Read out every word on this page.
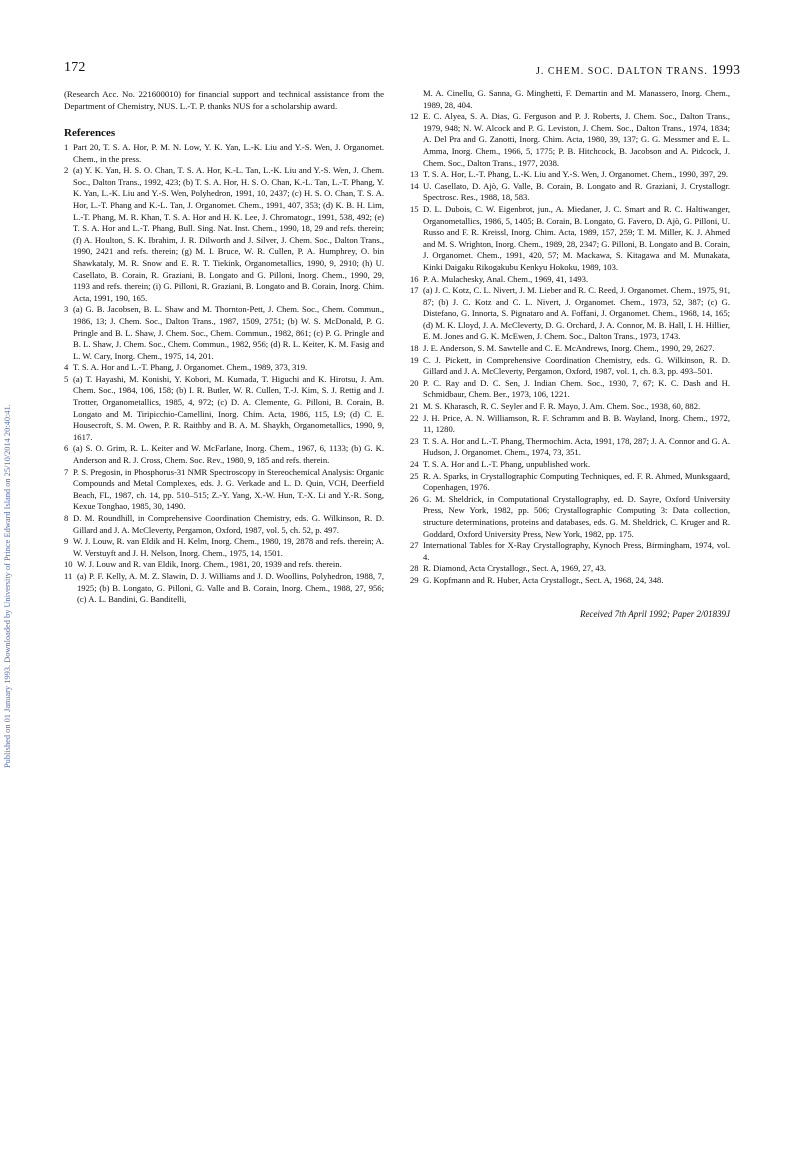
Published on 01 January 1993. Downloaded by University of Prince Edward Island on 25/10/2014 20:40:41.
172	J. CHEM. SOC. DALTON TRANS. 1993

(Research Acc. No. 221600010) for financial support and technical assistance from the Department of Chemistry, NUS. L.-T. P. thanks NUS for a scholarship award.

References
1 Part 20, T. S. A. Hor, P. M. N. Low, Y. K. Yan, L.-K. Liu and Y.-S. Wen, J. Organomet. Chem., in the press.
2 (a) Y. K. Yan, H. S. O. Chan, T. S. A. Hor, K.-L. Tan, L.-K. Liu and Y.-S. Wen, J. Chem. Soc., Dalton Trans., 1992, 423; (b) T. S. A. Hor, H. S. O. Chan, K.-L. Tan, L.-T. Phang, Y. K. Yan, L.-K. Liu and Y.-S. Wen, Polyhedron, 1991, 10, 2437; (c) H. S. O. Chan, T. S. A. Hor, L.-T. Phang and K.-L. Tan, J. Organomet. Chem., 1991, 407, 353; (d) K. B. H. Lim, L.-T. Phang, M. R. Khan, T. S. A. Hor and H. K. Lee, J. Chromatogr., 1991, 538, 492; (e) T. S. A. Hor and L.-T. Phang, Bull. Sing. Nat. Inst. Chem., 1990, 18, 29 and refs. therein; (f) A. Houlton, S. K. Ibrahim, J. R. Dilworth and J. Silver, J. Chem. Soc., Dalton Trans., 1990, 2421 and refs. therein; (g) M. I. Bruce, W. R. Cullen, P. A. Humphrey, O. bin Shawkataly, M. R. Snow and E. R. T. Tiekink, Organometallics, 1990, 9, 2910; (h) U. Casellato, B. Corain, R. Graziani, B. Longato and G. Pilloni, Inorg. Chem., 1990, 29, 1193 and refs. therein; (i) G. Pilloni, R. Graziani, B. Longato and B. Corain, Inorg. Chim. Acta, 1991, 190, 165.
3 (a) G. B. Jacobsen, B. L. Shaw and M. Thornton-Pett, J. Chem. Soc., Chem. Commun., 1986, 13; J. Chem. Soc., Dalton Trans., 1987, 1509, 2751; (b) W. S. McDonald, P. G. Pringle and B. L. Shaw, J. Chem. Soc., Chem. Commun., 1982, 861; (c) P. G. Pringle and B. L. Shaw, J. Chem. Soc., Chem. Commun., 1982, 956; (d) R. L. Keiter, K. M. Fasig and L. W. Cary, Inorg. Chem., 1975, 14, 201.
4 T. S. A. Hor and L.-T. Phang, J. Organomet. Chem., 1989, 373, 319.
5 (a) T. Hayashi, M. Konishi, Y. Kobori, M. Kumada, T. Higuchi and K. Hirotsu, J. Am. Chem. Soc., 1984, 106, 158; (b) I. R. Butler, W. R. Cullen, T.-J. Kim, S. J. Rettig and J. Trotter, Organometallics, 1985, 4, 972; (c) D. A. Clemente, G. Pilloni, B. Corain, B. Longato and M. Tiripicchio-Camellini, Inorg. Chim. Acta, 1986, 115, L9; (d) C. E. Housecroft, S. M. Owen, P. R. Raithby and B. A. M. Shaykh, Organometallics, 1990, 9, 1617.
6 (a) S. O. Grim, R. L. Keiter and W. McFarlane, Inorg. Chem., 1967, 6, 1133; (b) G. K. Anderson and R. J. Cross, Chem. Soc. Rev., 1980, 9, 185 and refs. therein.
7 P. S. Pregosin, in Phosphorus-31 NMR Spectroscopy in Stereochemical Analysis: Organic Compounds and Metal Complexes, eds. J. G. Verkade and L. D. Quin, VCH, Deerfield Beach, FL, 1987, ch. 14, pp. 510–515; Z.-Y. Yang, X.-W. Hun, T.-X. Li and Y.-R. Song, Kexue Tonghao, 1985, 30, 1490.
8 D. M. Roundhill, in Comprehensive Coordination Chemistry, eds. G. Wilkinson, R. D. Gillard and J. A. McCleverty, Pergamon, Oxford, 1987, vol. 5, ch. 52, p. 497.
9 W. J. Louw, R. van Eldik and H. Kelm, Inorg. Chem., 1980, 19, 2878 and refs. therein; A. W. Verstuyft and J. H. Nelson, Inorg. Chem., 1975, 14, 1501.
10 W. J. Louw and R. van Eldik, Inorg. Chem., 1981, 20, 1939 and refs. therein.
11 (a) P. F. Kelly, A. M. Z. Slawin, D. J. Williams and J. D. Woollins, Polyhedron, 1988, 7, 1925; (b) B. Longato, G. Pilloni, G. Valle and B. Corain, Inorg. Chem., 1988, 27, 956; (c) A. L. Bandini, G. Banditelli,

M. A. Cinellu, G. Sanna, G. Minghetti, F. Demartin and M. Manassero, Inorg. Chem., 1989, 28, 404.

12 E. C. Alyea, S. A. Dias, G. Ferguson and P. J. Roberts, J. Chem. Soc., Dalton Trans., 1979, 948; N. W. Alcock and P. G. Leviston, J. Chem. Soc., Dalton Trans., 1974, 1834; A. Del Pra and G. Zanotti, Inorg. Chim. Acta, 1980, 39, 137; G. G. Messmer and E. L. Amma, Inorg. Chem., 1966, 5, 1775; P. B. Hitchcock, B. Jacobson and A. Pidcock, J. Chem. Soc., Dalton Trans., 1977, 2038.
13 T. S. A. Hor, L.-T. Phang, L.-K. Liu and Y.-S. Wen, J. Organomet. Chem., 1990, 397, 29.
14 U. Casellato, D. Ajò, G. Valle, B. Corain, B. Longato and R. Graziani, J. Crystallogr. Spectrosc. Res., 1988, 18, 583.
15 D. L. Dubois, C. W. Eigenbrot, jun., A. Miedaner, J. C. Smart and R. C. Haltiwanger, Organometallics, 1986, 5, 1405; B. Corain, B. Longato, G. Favero, D. Ajò, G. Pilloni, U. Russo and F. R. Kreissl, Inorg. Chim. Acta, 1989, 157, 259; T. M. Miller, K. J. Ahmed and M. S. Wrighton, Inorg. Chem., 1989, 28, 2347; G. Pilloni, B. Longato and B. Corain, J. Organomet. Chem., 1991, 420, 57; M. Mackawa, S. Kitagawa and M. Munakata, Kinki Daigaku Rikogakubu Kenkyu Hokoku, 1989, 103.
16 P. A. Mulachesky, Anal. Chem., 1969, 41, 1493.
17 (a) J. C. Kotz, C. L. Nivert, J. M. Lieber and R. C. Reed, J. Organomet. Chem., 1975, 91, 87; (b) J. C. Kotz and C. L. Nivert, J. Organomet. Chem., 1973, 52, 387; (c) G. Distefano, G. Innorta, S. Pignataro and A. Foffani, J. Organomet. Chem., 1968, 14, 165; (d) M. K. Lloyd, J. A. McCleverty, D. G. Orchard, J. A. Connor, M. B. Hall, I. H. Hillier, E. M. Jones and G. K. McEwen, J. Chem. Soc., Dalton Trans., 1973, 1743.
18 J. E. Anderson, S. M. Sawtelle and C. E. McAndrews, Inorg. Chem., 1990, 29, 2627.
19 C. J. Pickett, in Comprehensive Coordination Chemistry, eds. G. Wilkinson, R. D. Gillard and J. A. McCleverty, Pergamon, Oxford, 1987, vol. 1, ch. 8.3, pp. 493–501.
20 P. C. Ray and D. C. Sen, J. Indian Chem. Soc., 1930, 7, 67; K. C. Dash and H. Schmidbaur, Chem. Ber., 1973, 106, 1221.
21 M. S. Kharasch, R. C. Seyler and F. R. Mayo, J. Am. Chem. Soc., 1938, 60, 882.
22 J. H. Price, A. N. Williamson, R. F. Schramm and B. B. Wayland, Inorg. Chem., 1972, 11, 1280.
23 T. S. A. Hor and L.-T. Phang, Thermochim. Acta, 1991, 178, 287; J. A. Connor and G. A. Hudson, J. Organomet. Chem., 1974, 73, 351.
24 T. S. A. Hor and L.-T. Phang, unpublished work.
25 R. A. Sparks, in Crystallographic Computing Techniques, ed. F. R. Ahmed, Munksgaard, Copenhagen, 1976.
26 G. M. Sheldrick, in Computational Crystallography, ed. D. Sayre, Oxford University Press, New York, 1982, pp. 506; Crystallographic Computing 3: Data collection, structure determinations, proteins and databases, eds. G. M. Sheldrick, C. Kruger and R. Goddard, Oxford University Press, New York, 1982, pp. 175.
27 International Tables for X-Ray Crystallography, Kynoch Press, Birmingham, 1974, vol. 4.
28 R. Diamond, Acta Crystallogr., Sect. A, 1969, 27, 43.
29 G. Kopfmann and R. Huber, Acta Crystallogr., Sect. A, 1968, 24, 348.
Received 7th April 1992; Paper 2/01839J
